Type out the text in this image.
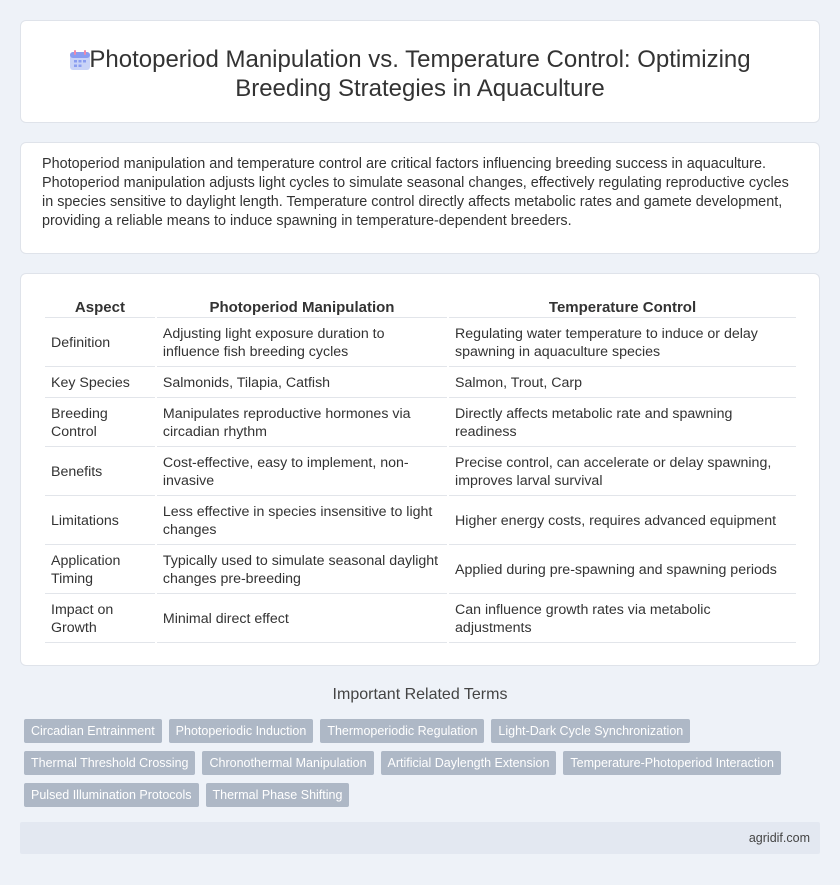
Photoperiod Manipulation vs. Temperature Control: Optimizing Breeding Strategies in Aquaculture

Photoperiod manipulation and temperature control are critical factors influencing breeding success in aquaculture. Photoperiod manipulation adjusts light cycles to simulate seasonal changes, effectively regulating reproductive cycles in species sensitive to daylight length. Temperature control directly affects metabolic rates and gamete development, providing a reliable means to induce spawning in temperature-dependent breeders.

Aspect	Photoperiod Manipulation	Temperature Control
Definition	Adjusting light exposure duration to influence fish breeding cycles	Regulating water temperature to induce or delay spawning in aquaculture species
Key Species	Salmonids, Tilapia, Catfish	Salmon, Trout, Carp
Breeding Control	Manipulates reproductive hormones via circadian rhythm	Directly affects metabolic rate and spawning readiness
Benefits	Cost-effective, easy to implement, non-invasive	Precise control, can accelerate or delay spawning, improves larval survival
Limitations	Less effective in species insensitive to light changes	Higher energy costs, requires advanced equipment
Application Timing	Typically used to simulate seasonal daylight changes pre-breeding	Applied during pre-spawning and spawning periods
Impact on Growth	Minimal direct effect	Can influence growth rates via metabolic adjustments
Important Related Terms
Circadian Entrainment	Photoperiodic Induction	Thermoperiodic Regulation	Light-Dark Cycle Synchronization
Thermal Threshold Crossing	Chronothermal Manipulation	Artificial Daylength Extension	Temperature-Photoperiod Interaction
Pulsed Illumination Protocols	Thermal Phase Shifting
agridif.com
